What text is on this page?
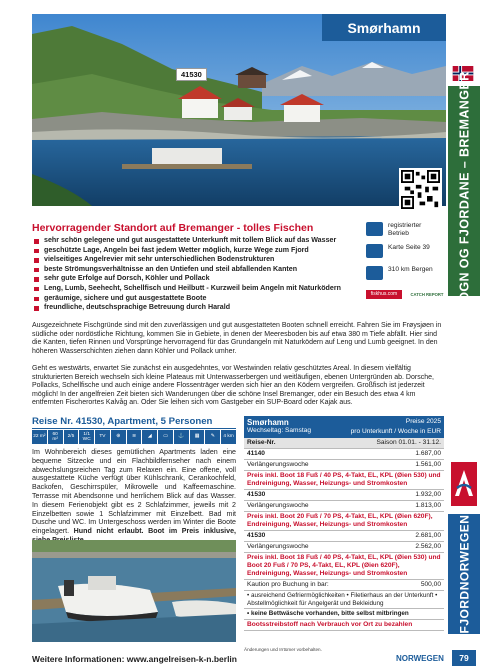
Smørhamn
41530	SOGN OG FJORDANE – BREMANGER
FJORDNORWEGEN
Hervorragender Standort auf Bremanger - tolles Fischen
sehr schön gelegene und gut ausgestattete Unterkunft mit tollem Blick auf das Wasser
geschützte Lage, Angeln bei fast jedem Wetter möglich, kurze Wege zum Fjord
vielseitiges Angelrevier mit sehr unterschiedlichen Bodenstrukturen
beste Strömungsverhältnisse an den Untiefen und steil abfallenden Kanten
sehr gute Erfolge auf Dorsch, Köhler und Pollack
Leng, Lumb, Seehecht, Schellfisch und Heilbutt - Kurzweil beim Angeln mit Naturködern
geräumige, sichere und gut ausgestattete Boote
freundliche, deutschsprachige Betreuung durch Harald
registrierter Betrieb
Karte Seite 39
310 km Bergen
fiskhus.com	CATCH REPORT
Ausgezeichnete Fischgründe sind mit den zuverlässigen und gut ausgestatteten Booten schnell erreicht. Fahren Sie im Frøysjøen in südliche oder nordöstliche Richtung, kommen Sie in Gebiete, in denen der Meeresboden bis auf etwa 380 m Tiefe abfällt. Hier sind die Kanten, tiefen Rinnen und Vorsprünge hervorragend für das Grundangeln mit Naturködern auf Leng und Lumb geeignet. In den höheren Wasserschichten ziehen dann Köhler und Pollack umher.
Geht es westwärts, erwartet Sie zunächst ein ausgedehntes, vor Westwinden relativ geschütztes Areal. In diesem vielfältig strukturierten Bereich wechseln sich kleine Plateaus mit Unterwasserbergen und weitläufigen, ebenen Untergründen ab. Dorsche, Pollacks, Schellfische und auch einige andere Flossenträger werden sich hier an den Ködern vergreifen. Großfisch ist jederzeit möglich! In der angelfreien Zeit bieten sich Wanderungen über die schöne Insel Bremanger, oder ein Besuch des etwa 4 km entfernten Fischerortes Kalvåg an. Oder Sie leihen sich vom Gastgeber ein SUP-Board oder Kajak aus.
Reise Nr. 41530, Apartment, 5 Personen
22 m²
60
m²
2/5
1/1
WC
TV ⊕ ≋ ◢ ▭ ⚓ ▦ ✎ 4 km
Im Wohnbereich dieses gemütlichen Apartments laden eine bequeme Sitzecke und ein Flachbildfernseher nach einem abwechslungsreichen Tag zum Relaxen ein. Eine offene, voll ausgestattete Küche verfügt über Kühlschrank, Cerankochfeld, Backofen, Geschirrspüler, Mikrowelle und Kaffeemaschine. Terrasse mit Abendsonne und herrlichem Blick auf das Wasser. In diesem Ferienobjekt gibt es 2 Schlafzimmer, jeweils mit 2 Einzelbetten sowie 1 Schlafzimmer mit Einzelbett. Bad mit Dusche und WC. Im Untergeschoss werden im Winter die Boote eingelagert. Hund nicht erlaubt. Boot im Preis inklusive,
Smørhamn	Preise 2025
Wechseltag: Samstag	pro Unterkunft / Woche in EUR
Reise-Nr.	Saison 01.01. - 31.12.
41140	1.687,00
Verlängerungswoche	1.561,00
Preis inkl. Boot 18 Fuß / 40 PS, 4-Takt, EL, KPL (Øien 530) und Endreinigung, Wasser, Heizungs- und Stromkosten
41530	1.932,00
Verlängerungswoche	1.813,00
Preis inkl. Boot 20 Fuß / 70 PS, 4-Takt, EL, KPL (Øien 620F), Endreinigung, Wasser, Heizungs- und Stromkosten
41530	2.681,00
Verlängerungswoche	2.562,00
Preis inkl. Boot 18 Fuß / 40 PS, 4-Takt, EL, KPL (Øien 530) und Boot 20 Fuß / 70 PS, 4-Takt, EL, KPL (Øien 620F), Endreinigung, Wasser, Heizungs- und Stromkosten
Kaution pro Buchung in bar:	500,00
• ausreichend Gefriermöglichkeiten • Filetierhaus an der Unterkunft • Abstellmöglichkeit für Angelgerät und Bekleidung
• keine Bettwäsche vorhanden, bitte selbst mitbringen
Bootsstreibstoff nach Verbrauch vor Ort zu bezahlen
Änderungen und Irrtümer vorbehalten.
Weitere Informationen: www.angelreisen-k-n.berlin	NORWEGEN	79
